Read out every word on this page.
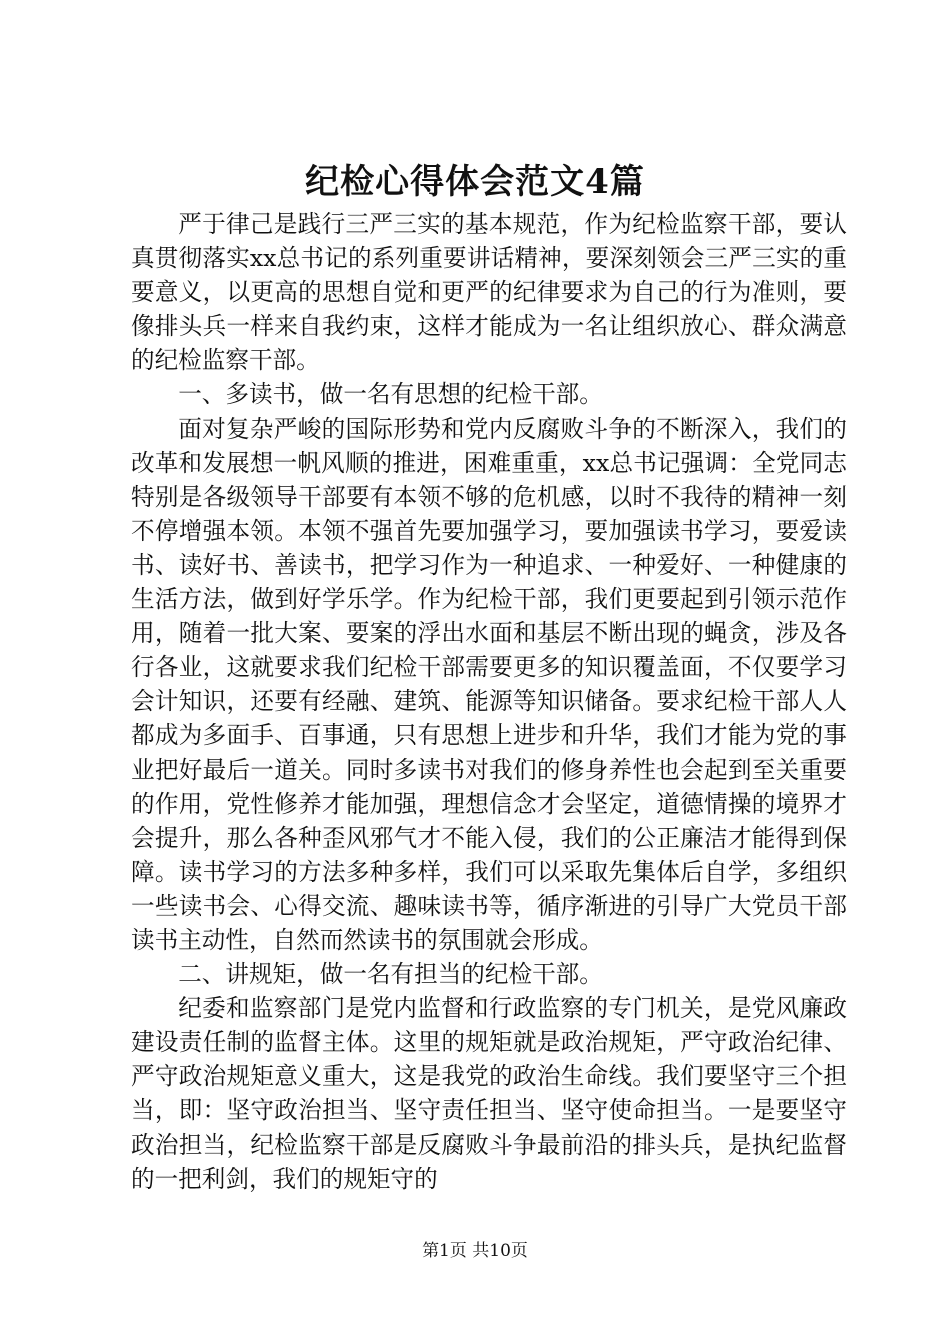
纪检心得体会范文4篇

严于律己是践行三严三实的基本规范，作为纪检监察干部，要认真贯彻落实xx总书记的系列重要讲话精神，要深刻领会三严三实的重要意义，以更高的思想自觉和更严的纪律要求为自己的行为准则，要像排头兵一样来自我约束，这样才能成为一名让组织放心、群众满意的纪检监察干部。

一、多读书，做一名有思想的纪检干部。

面对复杂严峻的国际形势和党内反腐败斗争的不断深入，我们的改革和发展想一帆风顺的推进，困难重重，xx总书记强调：全党同志特别是各级领导干部要有本领不够的危机感，以时不我待的精神一刻不停增强本领。本领不强首先要加强学习，要加强读书学习，要爱读书、读好书、善读书，把学习作为一种追求、一种爱好、一种健康的生活方法，做到好学乐学。作为纪检干部，我们更要起到引领示范作用，随着一批大案、要案的浮出水面和基层不断出现的蝇贪，涉及各行各业，这就要求我们纪检干部需要更多的知识覆盖面，不仅要学习会计知识，还要有经融、建筑、能源等知识储备。要求纪检干部人人都成为多面手、百事通，只有思想上进步和升华，我们才能为党的事业把好最后一道关。同时多读书对我们的修身养性也会起到至关重要的作用，党性修养才能加强，理想信念才会坚定，道德情操的境界才会提升，那么各种歪风邪气才不能入侵，我们的公正廉洁才能得到保障。读书学习的方法多种多样，我们可以采取先集体后自学，多组织一些读书会、心得交流、趣味读书等，循序渐进的引导广大党员干部读书主动性，自然而然读书的氛围就会形成。

二、讲规矩，做一名有担当的纪检干部。

纪委和监察部门是党内监督和行政监察的专门机关，是党风廉政建设责任制的监督主体。这里的规矩就是政治规矩，严守政治纪律、严守政治规矩意义重大，这是我党的政治生命线。我们要坚守三个担当，即：坚守政治担当、坚守责任担当、坚守使命担当。一是要坚守政治担当，纪检监察干部是反腐败斗争最前沿的排头兵，是执纪监督的一把利剑，我们的规矩守的

第1页 共10页
